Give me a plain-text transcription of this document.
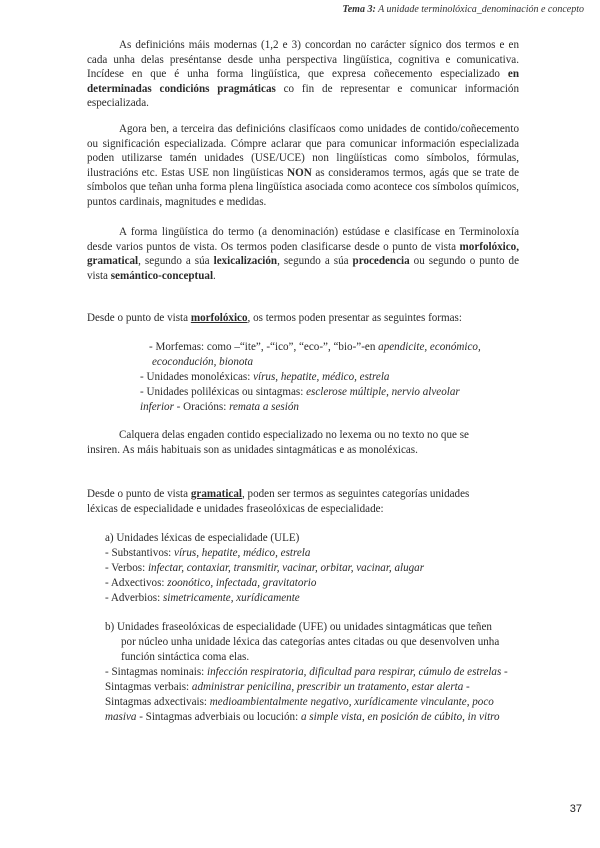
Tema 3: A unidade terminolóxica_denominación e concepto

As definicións máis modernas (1,2 e 3) concordan no carácter sígnico dos termos e en cada unha delas preséntanse desde unha perspectiva lingüística, cognitiva e comunicativa. Incídese en que é unha forma lingüística, que expresa coñecemento especializado en determinadas condicións pragmáticas co fin de representar e comunicar información especializada.

Agora ben, a terceira das definicións clasifícaos como unidades de contido/coñecemento ou significación especializada. Cómpre aclarar que para comunicar información especializada poden utilizarse tamén unidades (USE/UCE) non lingüísticas como símbolos, fórmulas, ilustracións etc. Estas USE non lingüísticas NON as consideramos termos, agás que se trate de símbolos que teñan unha forma plena lingüística asociada como acontece cos símbolos químicos, puntos cardinais, magnitudes e medidas.

A forma lingüística do termo (a denominación) estúdase e clasifícase en Terminoloxía desde varios puntos de vista. Os termos poden clasificarse desde o punto de vista morfolóxico, gramatical, segundo a súa lexicalización, segundo a súa procedencia ou segundo o punto de vista semántico-conceptual.

Desde o punto de vista morfolóxico, os termos poden presentar as seguintes formas:
- Morfemas: como –“ite”, -“ico”, “eco-”, “bio-”-en apendicite, económico,
ecocondución, bionota
- Unidades monoléxicas: vírus, hepatite, médico, estrela
- Unidades poliléxicas ou sintagmas: esclerose múltiple, nervio alveolar
inferior - Oracións: remata a sesión
Calquera delas engaden contido especializado no lexema ou no texto no que se
insiren. As máis habituais son as unidades sintagmáticas e as monoléxicas.
Desde o punto de vista gramatical, poden ser termos as seguintes categorías unidades
léxicas de especialidade e unidades fraseolóxicas de especialidade:
a) Unidades léxicas de especialidade (ULE)
- Substantivos: vírus, hepatite, médico, estrela
- Verbos: infectar, contaxiar, transmitir, vacinar, orbitar, vacinar, alugar
- Adxectivos: zoonótico, infectada, gravitatorio
- Adverbios: simetricamente, xurídicamente
b) Unidades fraseolóxicas de especialidade (UFE) ou unidades sintagmáticas que teñen
por núcleo unha unidade léxica das categorías antes citadas ou que desenvolven unha
función sintáctica coma elas.
- Sintagmas nominais: infección respiratoria, dificultad para respirar, cúmulo de estrelas -
Sintagmas verbais: administrar penicilina, prescribir un tratamento, estar alerta -
Sintagmas adxectivais: medioambientalmente negativo, xurídicamente vinculante, poco
masiva - Sintagmas adverbiais ou locución: a simple vista, en posición de cúbito, in vitro
37
